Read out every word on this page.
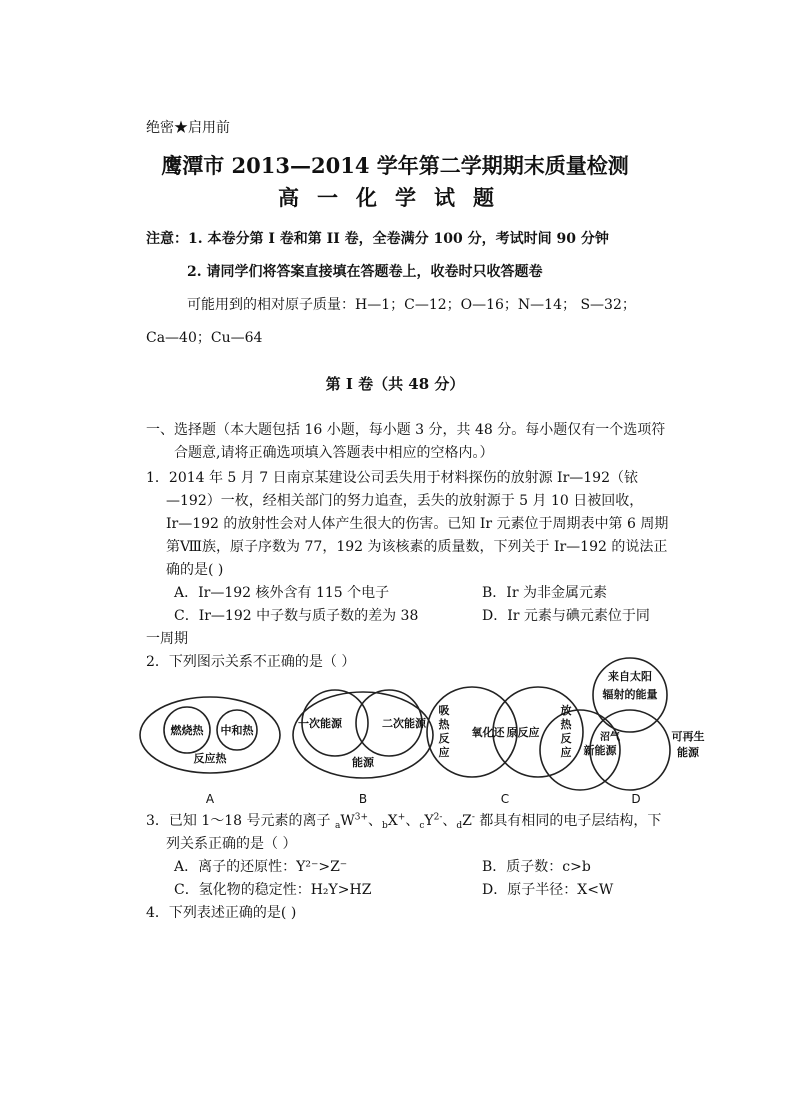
绝密★启用前
鹰潭市 2013—2014 学年第二学期期末质量检测
高一化学试题
注意：1. 本卷分第 I 卷和第 II 卷，全卷满分 100 分，考试时间 90 分钟
2. 请同学们将答案直接填在答题卷上，收卷时只收答题卷
可能用到的相对原子质量：H—1；C—12；O—16；N—14； S—32；
Ca—40；Cu—64
第 I 卷（共 48 分）
一、选择题（本大题包括 16 小题，每小题 3 分，共 48 分。每小题仅有一个选项符
合题意,请将正确选项填入答题表中相应的空格内。）
1．2014 年 5 月 7 日南京某建设公司丢失用于材料探伤的放射源 Ir—192（铱
—192）一枚，经相关部门的努力追查，丢失的放射源于 5 月 10 日被回收，
Ir—192 的放射性会对人体产生很大的伤害。已知 Ir 元素位于周期表中第 6 周期
第Ⅷ族，原子序数为 77，192 为该核素的质量数，下列关于 Ir—192 的说法正
确的是( )
A．Ir—192 核外含有 115 个电子	B．Ir 为非金属元素
C．Ir—192 中子数与质子数的差为 38	D．Ir 元素与碘元素位于同
一周期
2．下列图示关系不正确的是（ ）
燃烧热 中和热
反应热
一次能源	二次能源
能源
吸
热
反
应
氧化还 原反应
放
热
反
应
来自太阳
辐射的能量
新能源
沼气
A	B	C
可再生
能源
D
3．已知 1～18 号元素的离子 $_aW^{3+}$、$_b$X+、$_cY^{2-}$、$_d$Z- 都具有相同的电子层结构，下
列关系正确的是（ ）
A．离子的还原性：Y²⁻>Z⁻	B．质子数：c>b
C．氢化物的稳定性：H₂Y>HZ	D．原子半径：X<W
4．下列表述正确的是( )
